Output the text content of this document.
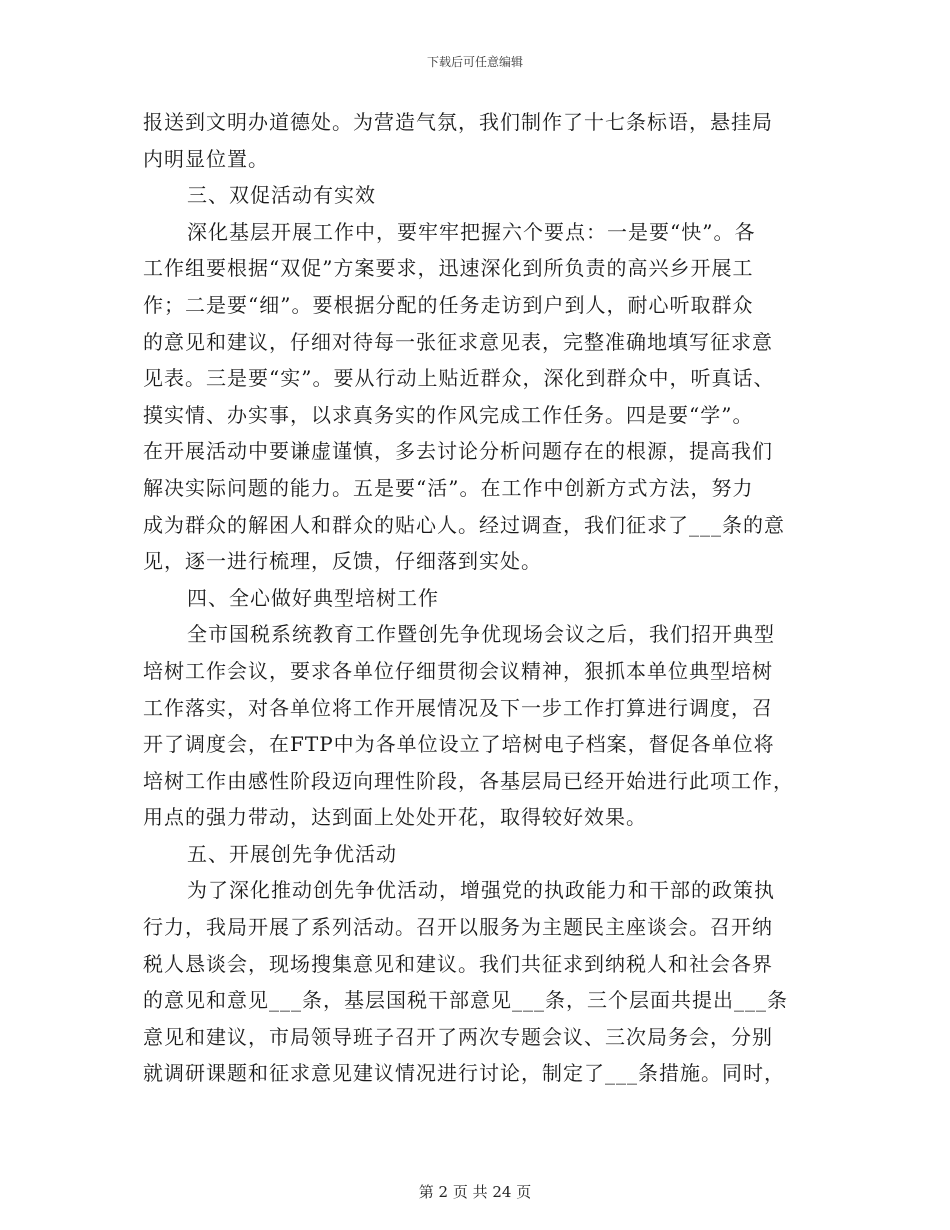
下载后可任意编辑
报送到文明办道德处。为营造气氛，我们制作了十七条标语，悬挂局
内明显位置。
三、双促活动有实效
深化基层开展工作中，要牢牢把握六个要点：一是要“快”。各
工作组要根据“双促”方案要求，迅速深化到所负责的高兴乡开展工
作；二是要“细”。要根据分配的任务走访到户到人，耐心听取群众
的意见和建议，仔细对待每一张征求意见表，完整准确地填写征求意
见表。三是要“实”。要从行动上贴近群众，深化到群众中，听真话、
摸实情、办实事，以求真务实的作风完成工作任务。四是要“学”。
在开展活动中要谦虚谨慎，多去讨论分析问题存在的根源，提高我们
解决实际问题的能力。五是要“活”。在工作中创新方式方法，努力
成为群众的解困人和群众的贴心人。经过调查，我们征求了___条的意
见，逐一进行梳理，反馈，仔细落到实处。
四、全心做好典型培树工作
全市国税系统教育工作暨创先争优现场会议之后，我们招开典型
培树工作会议，要求各单位仔细贯彻会议精神，狠抓本单位典型培树
工作落实，对各单位将工作开展情况及下一步工作打算进行调度，召
开了调度会，在FTP中为各单位设立了培树电子档案，督促各单位将
培树工作由感性阶段迈向理性阶段，各基层局已经开始进行此项工作，
用点的强力带动，达到面上处处开花，取得较好效果。
五、开展创先争优活动
为了深化推动创先争优活动，增强党的执政能力和干部的政策执
行力，我局开展了系列活动。召开以服务为主题民主座谈会。召开纳
税人恳谈会，现场搜集意见和建议。我们共征求到纳税人和社会各界
的意见和意见___条，基层国税干部意见___条，三个层面共提出___条
意见和建议，市局领导班子召开了两次专题会议、三次局务会，分别
就调研课题和征求意见建议情况进行讨论，制定了___条措施。同时，
第 2 页 共 24 页
